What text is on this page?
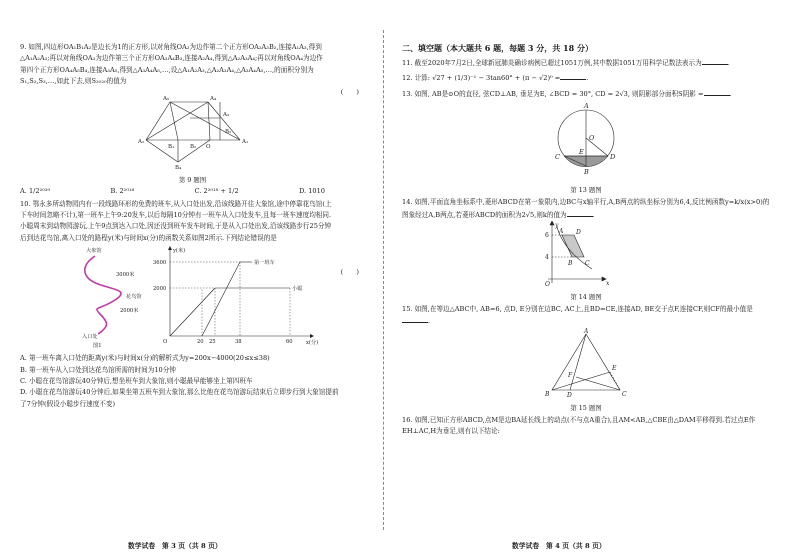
9. 如图,四边形OA₁B₁A₂是边长为1的正方形,以对角线OA₂为边作第二个正方形OA₂A₃B₂,连接A₁A₃,得到△A₁A₂A₃;再以对角线OA₃为边作第三个正方形OA₃A₄B₃,连接A₂A₄,得到△A₂A₃A₄;再以对角线OA₄为边作第四个正方形OA₄A₅B₄,连接A₃A₅,得到△A₃A₄A₅,…,设△A₁A₂A₃,△A₂A₃A₄,△A₃A₄A₅,…,的面积分别为S₁,S₂,S₃,…,如此下去,则S₂₀₂₀的值为

(　　)
A₅	A₄
A₃
A₂
B₁	O
A₁
B₂
B₃
B₄
第 9 题图
A. 1/2²⁰²⁰	B. 2²⁰¹⁸	C. 2²⁰¹⁸ + 1/2	D. 1010

10. 鄂永多所动物园内有一段线路环形的免费的班车,从入口处出发,沿该线路开往大象馆,途中停靠花鸟馆(上下车时间忽略不计),第一班车上午9:20发车,以后每隔10分钟有一班车从入口处发车,且每一班车速度均相同.小聪周末到动物园游玩,上午9点到达入口处,因还没到班车发车时间,于是从入口处出发,沿该线路步行25分钟后到达花鸟馆,离入口处的路程y(米)与时间x(分)的函数关系如图2所示.下列结论错误的是

(　　)
大象馆
3000米
2000米
入口处
花鸟馆
图1
y(米)
x(分)
3600
2000
20 25	38	60
O
第一班车
小聪

A. 第一班车离入口处的距离y(米)与时间x(分)的解析式为y=200x−4000(20≤x≤38)

B. 第一班车从入口处到达花鸟馆所需的时间为10分钟

C. 小聪在花鸟馆游玩40分钟后,想坐班车到大象馆,则小聪最早能够坐上第四班车

D. 小聪在花鸟馆游玩40分钟后,如果坐第五班车到大象馆,那么比他在花鸟馆游玩结束后立即步行到大象馆提前了7分钟(假设小聪步行速度不变)

二、填空题（本大题共 6 题，每题 3 分，共 18 分）
11. 截至2020年7月2日,全球新冠肺炎确诊病例已超过1051万例,其中数据1051万用科学记数法表示为	.
12. 计算: √27 + (1/3)⁻¹ − 3tan60° + (π − √2)⁰ =	.
13. 如图, AB是⊙O的直径, 弦CD⊥AB, 垂足为E, ∠BCD = 30°, CD = 2√3, 则阴影部分面积S阴影 =	.
A
O
E
C	D
B
第 13 题图
14. 如图,平面直角坐标系中,菱形ABCD在第一象限内,边BC与x轴平行,A,B两点的纵坐标分别为6,4,反比例函数y=k/x(x>0)的图象经过A,B两点,若菱形ABCD的面积为2√5,则k的值为	.
y
A D
B C
O	x
6
4
第 14 题图
15. 如图,在等边△ABC中, AB=6, 点D, E分别在边BC, AC上,且BD=CE,连接AD, BE交于点F,连接CF,则CF的最小值是.
A
E
F
B	D	C
第 15 题图
16. 如图,已知正方形ABCD,点M是边BA延长线上的动点(不与点A重合),且AM<AB,△CBE由△DAM平移得到.若过点E作EH⊥AC,H为垂足,则有以下结论:
数学试卷　第 3 页（共 8 页）	数学试卷　第 4 页（共 8 页）
